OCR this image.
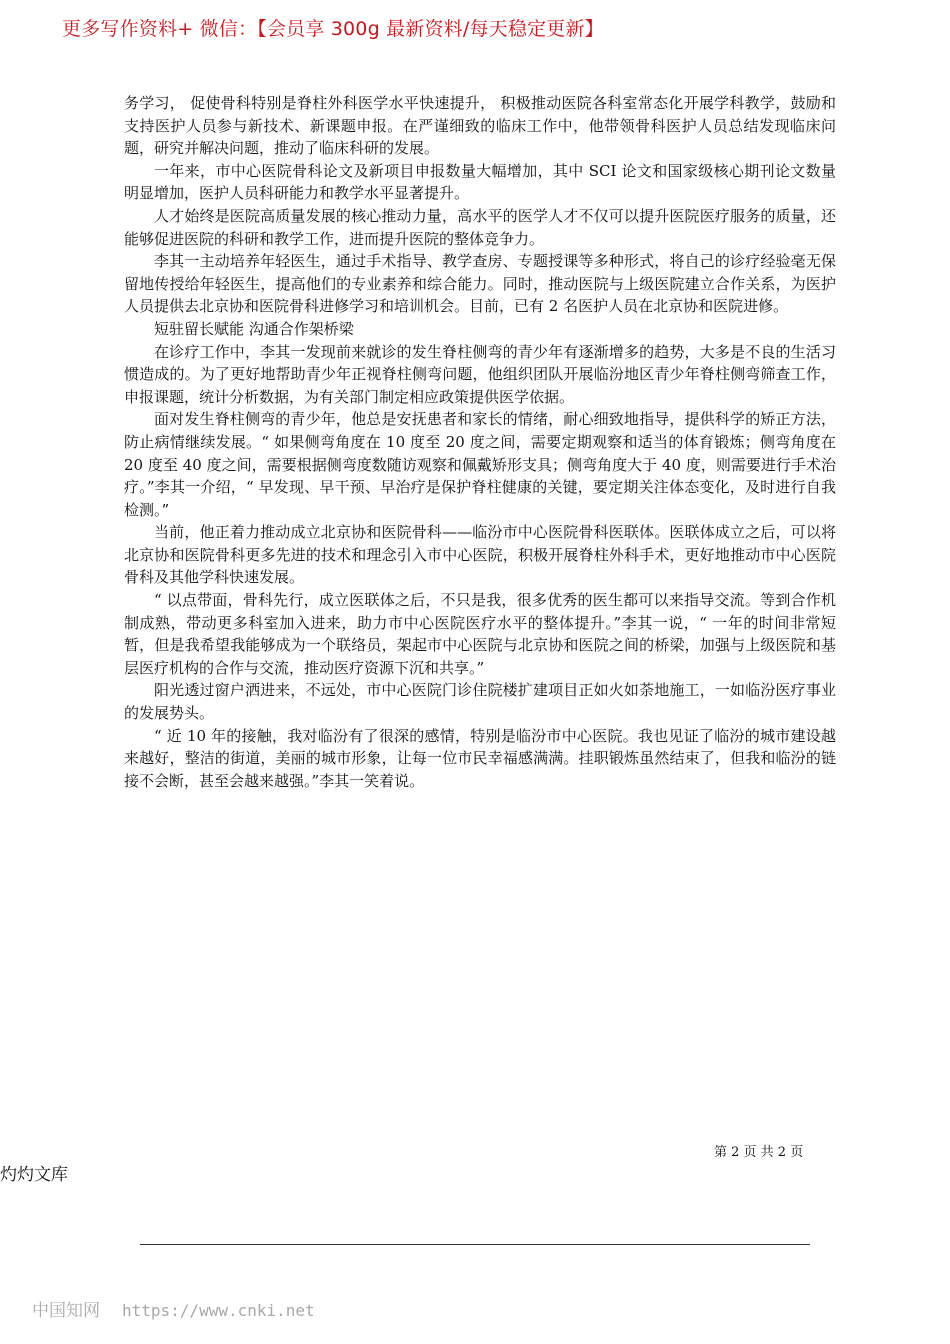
更多写作资料+ 微信：【会员享 300g 最新资料/每天稳定更新】

务学习， 促使骨科特别是脊柱外科医学水平快速提升， 积极推动医院各科室常态化开展学科教学，鼓励和支持医护人员参与新技术、新课题申报。在严谨细致的临床工作中，他带领骨科医护人员总结发现临床问题，研究并解决问题，推动了临床科研的发展。

一年来，市中心医院骨科论文及新项目申报数量大幅增加，其中 SCI 论文和国家级核心期刊论文数量明显增加，医护人员科研能力和教学水平显著提升。

人才始终是医院高质量发展的核心推动力量，高水平的医学人才不仅可以提升医院医疗服务的质量，还能够促进医院的科研和教学工作，进而提升医院的整体竞争力。

李其一主动培养年轻医生，通过手术指导、教学查房、专题授课等多种形式，将自己的诊疗经验毫无保留地传授给年轻医生，提高他们的专业素养和综合能力。同时，推动医院与上级医院建立合作关系，为医护人员提供去北京协和医院骨科进修学习和培训机会。目前，已有 2 名医护人员在北京协和医院进修。

短驻留长赋能 沟通合作架桥梁

在诊疗工作中，李其一发现前来就诊的发生脊柱侧弯的青少年有逐渐增多的趋势，大多是不良的生活习惯造成的。为了更好地帮助青少年正视脊柱侧弯问题，他组织团队开展临汾地区青少年脊柱侧弯筛查工作，申报课题，统计分析数据，为有关部门制定相应政策提供医学依据。

面对发生脊柱侧弯的青少年，他总是安抚患者和家长的情绪，耐心细致地指导，提供科学的矫正方法，防止病情继续发展。“ 如果侧弯角度在 10 度至 20 度之间，需要定期观察和适当的体育锻炼；侧弯角度在 20 度至 40 度之间，需要根据侧弯度数随访观察和佩戴矫形支具；侧弯角度大于 40 度，则需要进行手术治疗。”李其一介绍，“ 早发现、早干预、早治疗是保护脊柱健康的关键，要定期关注体态变化，及时进行自我检测。”

当前，他正着力推动成立北京协和医院骨科——临汾市中心医院骨科医联体。医联体成立之后，可以将北京协和医院骨科更多先进的技术和理念引入市中心医院，积极开展脊柱外科手术，更好地推动市中心医院骨科及其他学科快速发展。

“ 以点带面，骨科先行，成立医联体之后，不只是我，很多优秀的医生都可以来指导交流。等到合作机制成熟，带动更多科室加入进来，助力市中心医院医疗水平的整体提升。”李其一说，“ 一年的时间非常短暂，但是我希望我能够成为一个联络员，架起市中心医院与北京协和医院之间的桥梁，加强与上级医院和基层医疗机构的合作与交流，推动医疗资源下沉和共享。”

阳光透过窗户洒进来，不远处，市中心医院门诊住院楼扩建项目正如火如荼地施工，一如临汾医疗事业的发展势头。

“ 近 10 年的接触，我对临汾有了很深的感情，特别是临汾市中心医院。我也见证了临汾的城市建设越来越好，整洁的街道，美丽的城市形象，让每一位市民幸福感满满。挂职锻炼虽然结束了，但我和临汾的链接不会断，甚至会越来越强。”李其一笑着说。

第 2 页 共 2 页
灼灼文库
中国知网 https://www.cnki.net
